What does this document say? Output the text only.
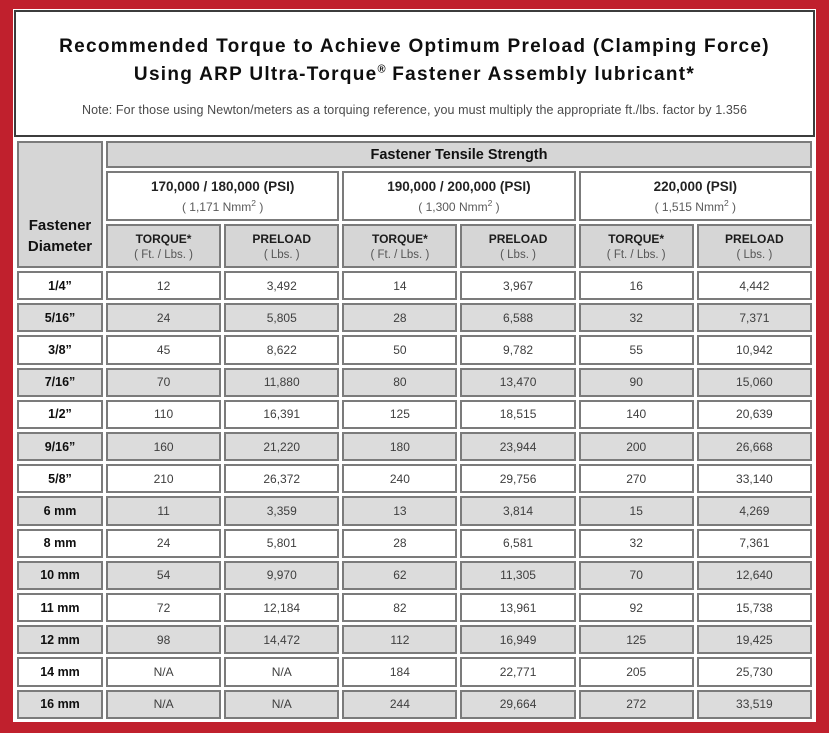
Recommended Torque to Achieve Optimum Preload (Clamping Force)
Using ARP Ultra-Torque® Fastener Assembly lubricant*
Note: For those using Newton/meters as a torquing reference, you must multiply the appropriate ft./lbs. factor by 1.356
Fastener
Diameter	Fastener Tensile Strength					

170,000 / 180,000 (PSI)
( 1,171 Nmm$^2$ )

190,000 / 200,000 (PSI)
( 1,300 Nmm$^2$ )

220,000 (PSI)
( 1,515 Nmm$^2$ )

TORQUE*
( Ft. / Lbs. )

PRELOAD
( Lbs. )

TORQUE*
( Ft. / Lbs. )

PRELOAD
( Lbs. )

TORQUE*
( Ft. / Lbs. )

PRELOAD
( Lbs. )

1/4”	12	3,492	14	3,967	16	4,442
5/16”	24	5,805	28	6,588	32	7,371
3/8”	45	8,622	50	9,782	55	10,942
7/16”	70	11,880	80	13,470	90	15,060
1/2”	110	16,391	125	18,515	140	20,639
9/16”	160	21,220	180	23,944	200	26,668
5/8”	210	26,372	240	29,756	270	33,140
6 mm	11	3,359	13	3,814	15	4,269
8 mm	24	5,801	28	6,581	32	7,361
10 mm	54	9,970	62	11,305	70	12,640
11 mm	72	12,184	82	13,961	92	15,738
12 mm	98	14,472	112	16,949	125	19,425
14 mm	N/A	N/A	184	22,771	205	25,730
16 mm	N/A	N/A	244	29,664	272	33,519
